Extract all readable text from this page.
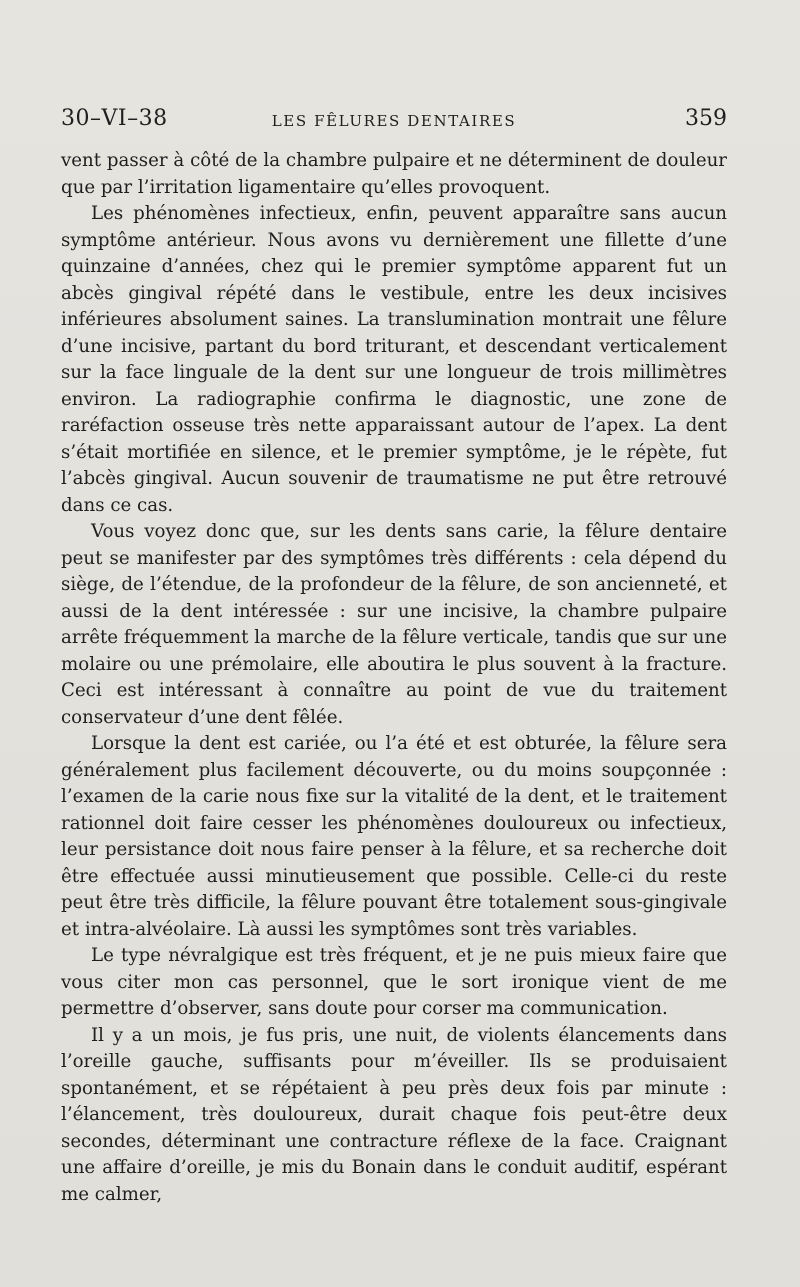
30–VI–38	LES FÊLURES DENTAIRES	359

vent passer à côté de la chambre pulpaire et ne déterminent de douleur que par l’irritation ligamentaire qu’elles provoquent.

Les phénomènes infectieux, enfin, peuvent apparaître sans aucun symptôme antérieur. Nous avons vu dernièrement une fillette d’une quinzaine d’années, chez qui le premier symptôme apparent fut un abcès gingival répété dans le vestibule, entre les deux incisives inférieures absolument saines. La translumination montrait une fêlure d’une incisive, partant du bord triturant, et descendant verticalement sur la face linguale de la dent sur une longueur de trois millimètres environ. La radiographie confirma le diagnostic, une zone de raréfaction osseuse très nette apparaissant autour de l’apex. La dent s’était mortifiée en silence, et le premier symptôme, je le répète, fut l’abcès gingival. Aucun souvenir de traumatisme ne put être retrouvé dans ce cas.

Vous voyez donc que, sur les dents sans carie, la fêlure dentaire peut se manifester par des symptômes très différents : cela dépend du siège, de l’étendue, de la profondeur de la fêlure, de son ancienneté, et aussi de la dent intéressée : sur une incisive, la chambre pulpaire arrête fréquemment la marche de la fêlure verticale, tandis que sur une molaire ou une prémolaire, elle aboutira le plus souvent à la fracture. Ceci est intéressant à connaître au point de vue du traitement conservateur d’une dent fêlée.

Lorsque la dent est cariée, ou l’a été et est obturée, la fêlure sera généralement plus facilement découverte, ou du moins soupçonnée : l’examen de la carie nous fixe sur la vitalité de la dent, et le traitement rationnel doit faire cesser les phénomènes douloureux ou infectieux, leur persistance doit nous faire penser à la fêlure, et sa recherche doit être effectuée aussi minutieusement que possible. Celle-ci du reste peut être très difficile, la fêlure pouvant être totalement sous-gingivale et intra-alvéolaire. Là aussi les symptômes sont très variables.

Le type névralgique est très fréquent, et je ne puis mieux faire que vous citer mon cas personnel, que le sort ironique vient de me permettre d’observer, sans doute pour corser ma communication.

Il y a un mois, je fus pris, une nuit, de violents élancements dans l’oreille gauche, suffisants pour m’éveiller. Ils se produisaient spontanément, et se répétaient à peu près deux fois par minute : l’élancement, très douloureux, durait chaque fois peut-être deux secondes, déterminant une contracture réflexe de la face. Craignant une affaire d’oreille, je mis du Bonain dans le conduit auditif, espérant me calmer,
